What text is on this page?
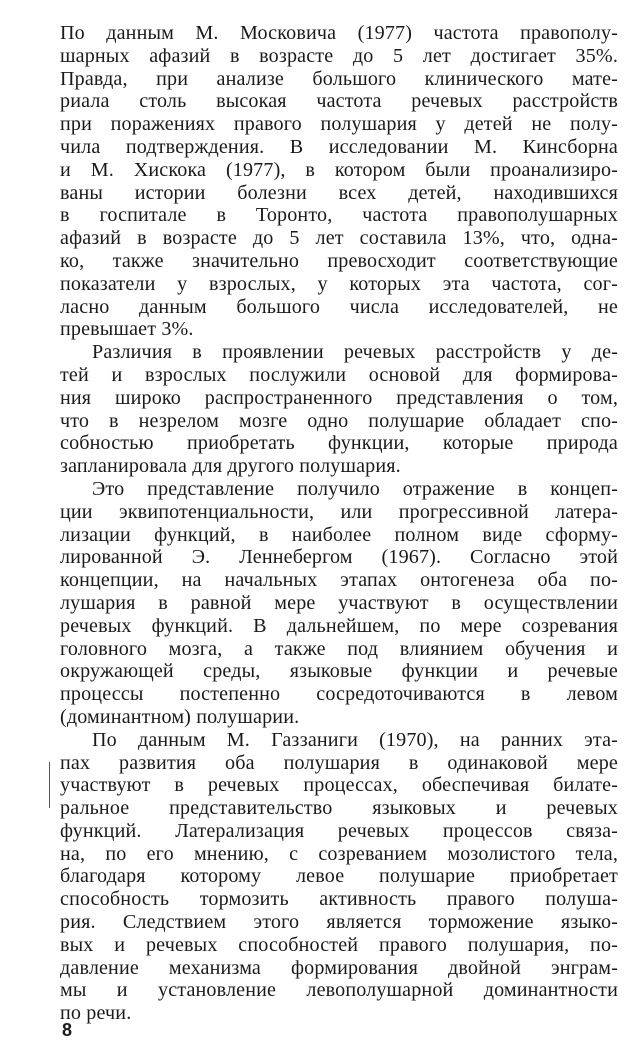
По данным М. Московича (1977) частота правополу-
шарных афазий в возрасте до 5 лет достигает 35%.
Правда, при анализе большого клинического мате-
риала столь высокая частота речевых расстройств
при поражениях правого полушария у детей не полу-
чила подтверждения. В исследовании М. Кинсборна
и М. Хискока (1977), в котором были проанализиро-
ваны истории болезни всех детей, находившихся
в госпитале в Торонто, частота правополушарных
афазий в возрасте до 5 лет составила 13%, что, одна-
ко, также значительно превосходит соответствующие
показатели у взрослых, у которых эта частота, сог-
ласно данным большого числа исследователей, не
превышает 3%.
Различия в проявлении речевых расстройств у де-
тей и взрослых послужили основой для формирова-
ния широко распространенного представления о том,
что в незрелом мозге одно полушарие обладает спо-
собностью приобретать функции, которые природа
запланировала для другого полушария.
Это представление получило отражение в концеп-
ции эквипотенциальности, или прогрессивной латера-
лизации функций, в наиболее полном виде сформу-
лированной Э. Леннебергом (1967). Согласно этой
концепции, на начальных этапах онтогенеза оба по-
лушария в равной мере участвуют в осуществлении
речевых функций. В дальнейшем, по мере созревания
головного мозга, а также под влиянием обучения и
окружающей среды, языковые функции и речевые
процессы постепенно сосредоточиваются в левом
(доминантном) полушарии.
По данным М. Газзаниги (1970), на ранних эта-
пах развития оба полушария в одинаковой мере
участвуют в речевых процессах, обеспечивая билате-
ральное представительство языковых и речевых
функций. Латерализация речевых процессов связа-
на, по его мнению, с созреванием мозолистого тела,
благодаря которому левое полушарие приобретает
способность тормозить активность правого полуша-
рия. Следствием этого является торможение языко-
вых и речевых способностей правого полушария, по-
давление механизма формирования двойной энграм-
мы и установление левополушарной доминантности
по речи.
8
